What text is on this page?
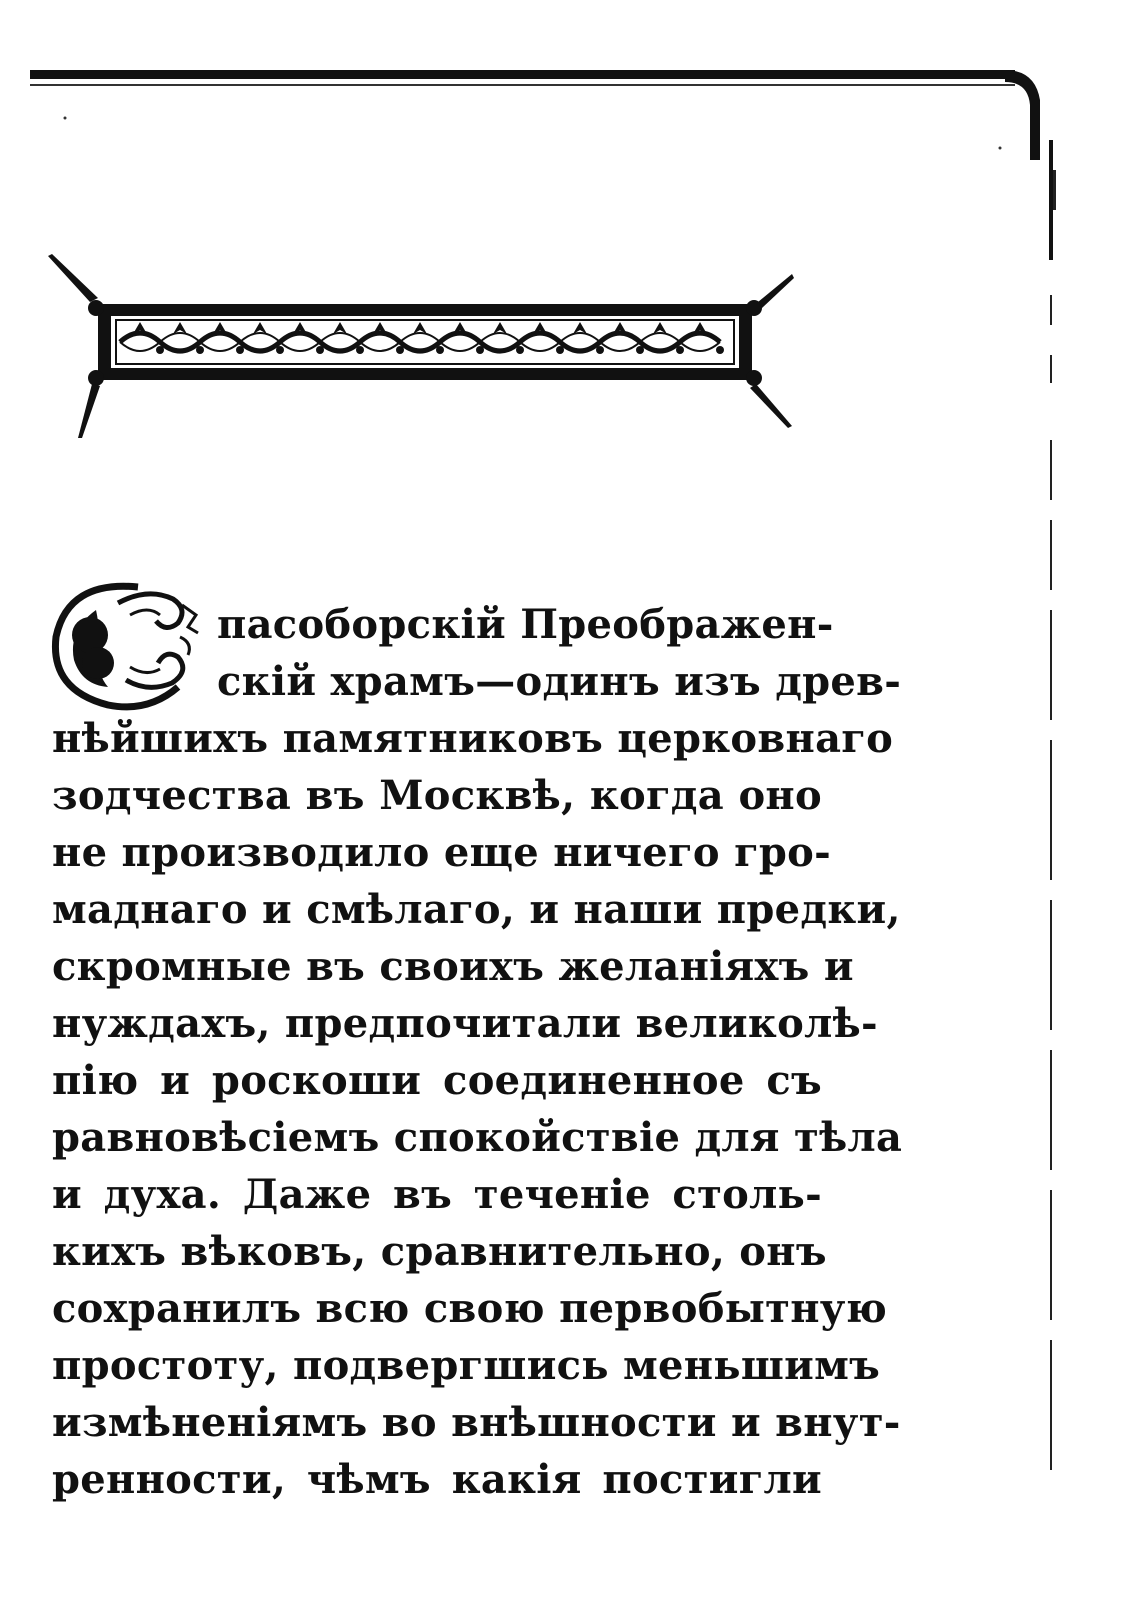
пасоборскiй Преображен-
скiй храмъ—одинъ изъ древ-
нѣйшихъ памятниковъ церковнаго
зодчества въ Москвѣ, когда оно
не производило еще ничего гро-
маднаго и смѣлаго, и наши предки,
скромные въ своихъ желанiяхъ и
нуждахъ, предпочитали великолѣ-
пiю и роскоши соединенное съ
равновѣсiемъ спокойствiе для тѣла
и духа. Даже въ теченiе столь-
кихъ вѣковъ, сравнительно, онъ
сохранилъ всю свою первобытную
простоту, подвергшись меньшимъ
измѣненiямъ во внѣшности и внут-
ренности, чѣмъ какiя постигли
